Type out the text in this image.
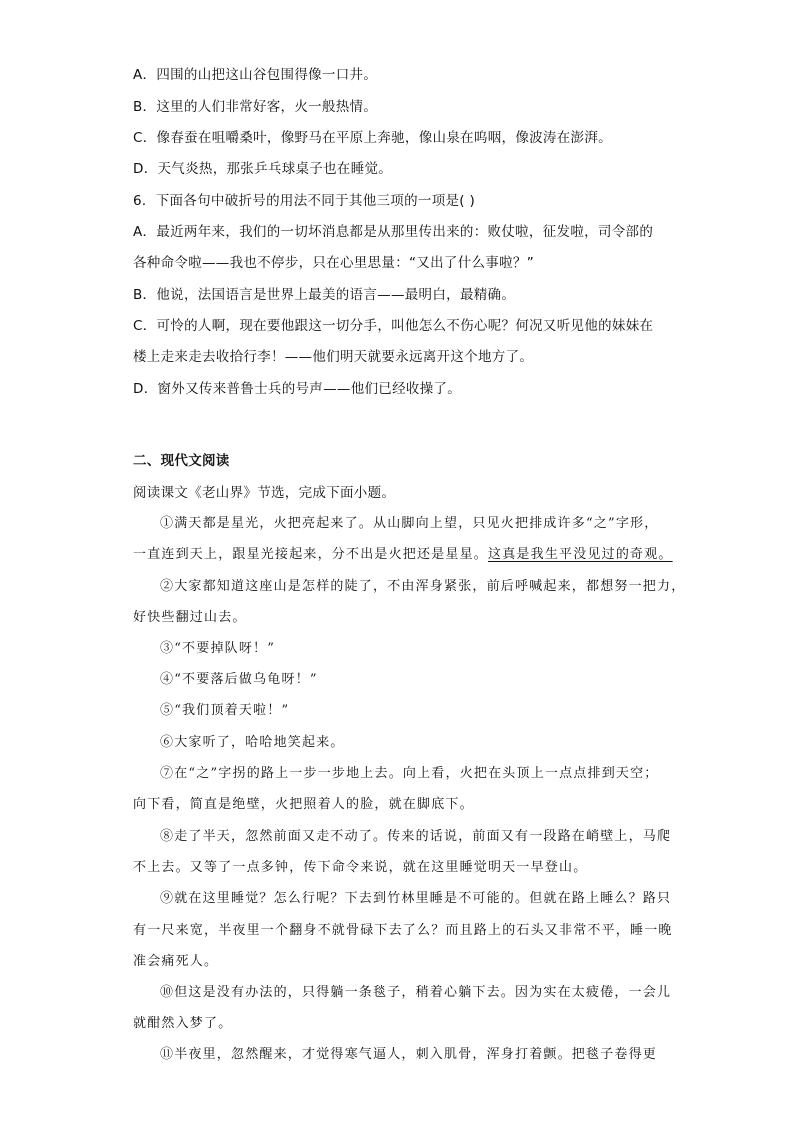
A．四围的山把这山谷包围得像一口井。
B．这里的人们非常好客，火一般热情。
C．像春蚕在咀嚼桑叶，像野马在平原上奔驰，像山泉在呜咽，像波涛在澎湃。
D．天气炎热，那张乒乓球桌子也在睡觉。
6．下面各句中破折号的用法不同于其他三项的一项是( )
A．最近两年来，我们的一切坏消息都是从那里传出来的：败仗啦，征发啦，司令部的
各种命令啦——我也不停步，只在心里思量：“又出了什么事啦？”
B．他说，法国语言是世界上最美的语言——最明白，最精确。
C．可怜的人啊，现在要他跟这一切分手，叫他怎么不伤心呢？何况又听见他的妹妹在
楼上走来走去收拾行李！——他们明天就要永远离开这个地方了。
D．窗外又传来普鲁士兵的号声——他们已经收操了。
二、现代文阅读
阅读课文《老山界》节选，完成下面小题。
①满天都是星光，火把亮起来了。从山脚向上望，只见火把排成许多“之”字形，
一直连到天上，跟星光接起来，分不出是火把还是星星。这真是我生平没见过的奇观。
②大家都知道这座山是怎样的陡了，不由浑身紧张，前后呼喊起来，都想努一把力，
好快些翻过山去。
③“不要掉队呀！”
④“不要落后做乌龟呀！”
⑤“我们顶着天啦！”
⑥大家听了，哈哈地笑起来。
⑦在“之”字拐的路上一步一步地上去。向上看，火把在头顶上一点点排到天空；
向下看，简直是绝壁，火把照着人的脸，就在脚底下。
⑧走了半天，忽然前面又走不动了。传来的话说，前面又有一段路在峭壁上，马爬
不上去。又等了一点多钟，传下命令来说，就在这里睡觉明天一早登山。
⑨就在这里睡觉？怎么行呢？下去到竹林里睡是不可能的。但就在路上睡么？路只
有一尺来宽，半夜里一个翻身不就骨碌下去了么？而且路上的石头又非常不平，睡一晚
准会痛死人。
⑩但这是没有办法的，只得躺一条毯子，稍着心躺下去。因为实在太疲倦，一会儿
就酣然入梦了。
⑪半夜里，忽然醒来，才觉得寒气逼人，刺入肌骨，浑身打着颤。把毯子卷得更
